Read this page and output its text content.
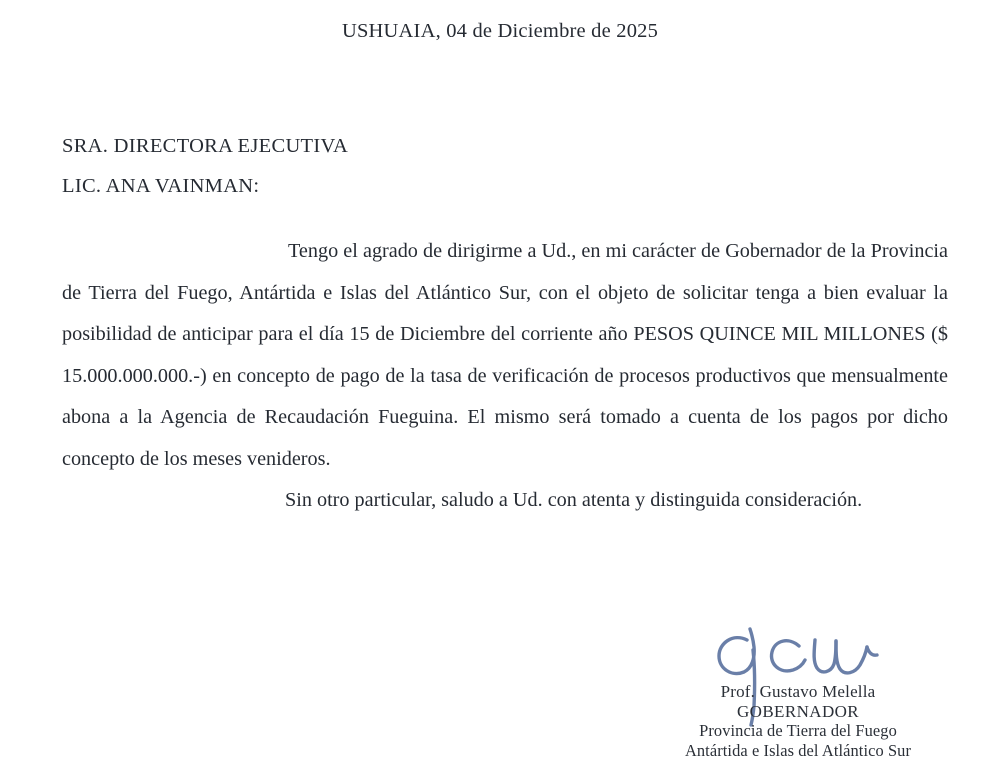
USHUAIA, 04 de Diciembre de 2025
SRA. DIRECTORA EJECUTIVA
LIC. ANA VAINMAN:

Tengo el agrado de dirigirme a Ud., en mi carácter de Gobernador de la Provincia de Tierra del Fuego, Antártida e Islas del Atlántico Sur, con el objeto de solicitar tenga a bien evaluar la posibilidad de anticipar para el día 15 de Diciembre del corriente año PESOS QUINCE MIL MILLONES ($ 15.000.000.000.-) en concepto de pago de la tasa de verificación de procesos productivos que mensualmente abona a la Agencia de Recaudación Fueguina. El mismo será tomado a cuenta de los pagos por dicho concepto de los meses venideros.

Sin otro particular, saludo a Ud. con atenta y distinguida consideración.

Prof. Gustavo Melella
GOBERNADOR
Provincia de Tierra del Fuego
Antártida e Islas del Atlántico Sur
